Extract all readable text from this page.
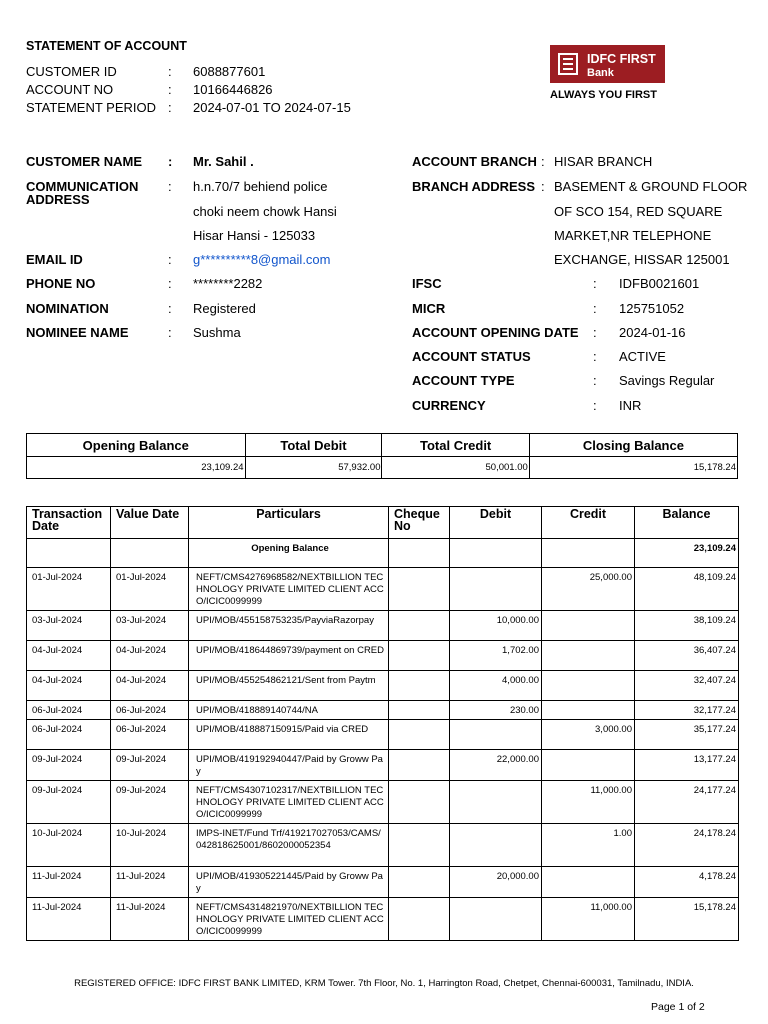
STATEMENT OF ACCOUNT
CUSTOMER ID	: 6088877601
ACCOUNT NO	: 10166446826
STATEMENT PERIOD : 2024-07-01 TO 2024-07-15
IDFC FIRST
Bank
ALWAYS YOU FIRST
CUSTOMER NAME : Mr. Sahil .
COMMUNICATION
ADDRESS
: h.n.70/7 behiend police
choki neem chowk Hansi
Hisar Hansi - 125033
EMAIL ID	: g**********8@gmail.com
PHONE NO	: ********2282
NOMINATION	: Registered
NOMINEE NAME	: Sushma
ACCOUNT BRANCH : HISAR BRANCH
BRANCH ADDRESS : BASEMENT & GROUND FLOOR
OF SCO 154, RED SQUARE
MARKET,NR TELEPHONE
EXCHANGE, HISSAR 125001
IFSC	: IDFB0021601
MICR	: 125751052
ACCOUNT OPENING DATE : 2024-01-16
ACCOUNT STATUS	: ACTIVE
ACCOUNT TYPE	: Savings Regular
CURRENCY	: INR
Opening Balance	Total Debit	Total Credit	Closing Balance
23,109.24	57,932.00	50,001.00	15,178.24
Transaction Date	Value Date	Particulars	Cheque No	Debit	Credit	Balance
		Opening Balance				23,109.24
01-Jul-2024	01-Jul-2024	NEFT/CMS4276968582/NEXTBILLION TECHNOLOGY PRIVATE LIMITED CLIENT ACCO/ICIC0099999			25,000.00	48,109.24
03-Jul-2024	03-Jul-2024	UPI/MOB/455158753235/PayviaRazorpay		10,000.00		38,109.24
04-Jul-2024	04-Jul-2024	UPI/MOB/418644869739/payment on CRED		1,702.00		36,407.24
04-Jul-2024	04-Jul-2024	UPI/MOB/455254862121/Sent from Paytm		4,000.00		32,407.24
06-Jul-2024	06-Jul-2024	UPI/MOB/418889140744/NA		230.00		32,177.24
06-Jul-2024	06-Jul-2024	UPI/MOB/418887150915/Paid via CRED			3,000.00	35,177.24
09-Jul-2024	09-Jul-2024	UPI/MOB/419192940447/Paid by Groww Pay		22,000.00		13,177.24
09-Jul-2024	09-Jul-2024	NEFT/CMS4307102317/NEXTBILLION TECHNOLOGY PRIVATE LIMITED CLIENT ACCO/ICIC0099999			11,000.00	24,177.24
10-Jul-2024	10-Jul-2024	IMPS-INET/Fund Trf/419217027053/CAMS/042818625001/8602000052354			1.00	24,178.24
11-Jul-2024	11-Jul-2024	UPI/MOB/419305221445/Paid by Groww Pay		20,000.00		4,178.24
11-Jul-2024	11-Jul-2024	NEFT/CMS4314821970/NEXTBILLION TECHNOLOGY PRIVATE LIMITED CLIENT ACCO/ICIC0099999			11,000.00	15,178.24
REGISTERED OFFICE: IDFC FIRST BANK LIMITED, KRM Tower. 7th Floor, No. 1, Harrington Road, Chetpet, Chennai-600031, Tamilnadu, INDIA.
Page 1 of 2
